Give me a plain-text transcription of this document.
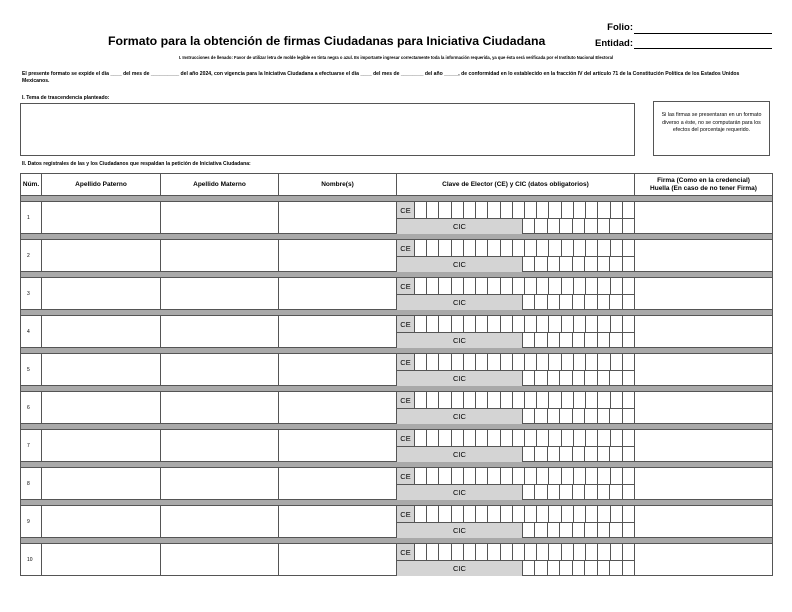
Formato para la obtención de firmas Ciudadanas para Iniciativa Ciudadana
Folio:
Entidad:
I. Instrucciones de llenado: Favor de utilizar letra de molde legible en tinta negra o azul. Es importante ingresar correctamente toda la información requerida, ya que ésta será verificada por el Instituto Nacional Electoral
El presente formato se expide el día ____ del mes de __________ del año 2024, con vigencia para la Iniciativa Ciudadana a efectuarse el día ____ del mes de ________ del año _____, de conformidad en lo establecido en la fracción IV del artículo 71 de la Constitución Política de los Estados Unidos Mexicanos.
I. Tema de trascendencia planteado:
Si las firmas se presentaran en un formato diverso a éste, no se computarán para los efectos del porcentaje requerido.
II. Datos registrales de las y los Ciudadanos que respaldan la petición de Iniciativa Ciudadana:
Núm.	Apellido Paterno	Apellido Materno	Nombre(s)	Clave de Elector (CE) y CIC (datos obligatorios)	Firma (Como en la credencial)
Huella (En caso de no tener Firma)

1				CE
CIC	

2				CE
CIC	

3				CE
CIC	

4				CE
CIC	

5				CE
CIC	

6				CE
CIC	

7				CE
CIC	

8				CE
CIC	

9				CE
CIC	

10				CE
CIC	
